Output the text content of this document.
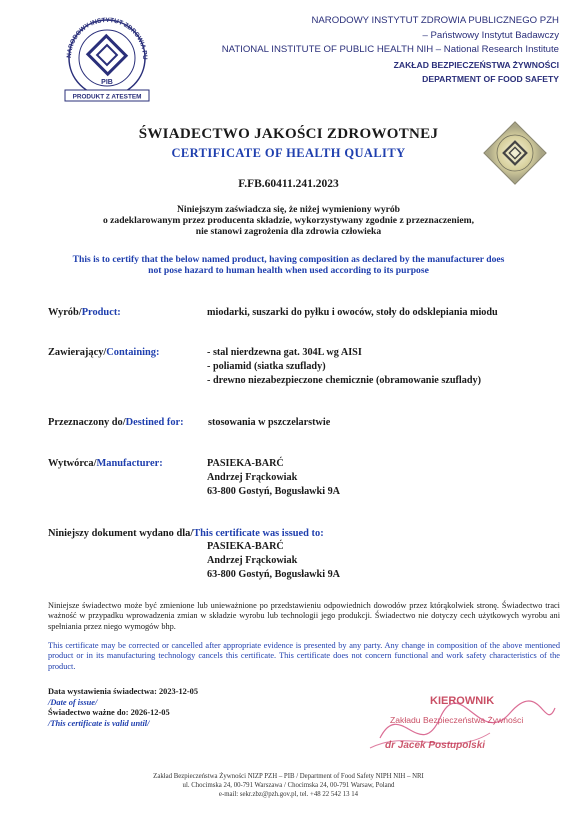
NARODOWY INSTYTUT ZDROWIA PU
PIB
PRODUKT Z ATESTEM
NARODOWY INSTYTUT ZDROWIA PUBLICZNEGO PZH
– Państwowy Instytut Badawczy
NATIONAL INSTITUTE OF PUBLIC HEALTH NIH – National Research Institute
ZAKŁAD BEZPIECZEŃSTWA ŻYWNOŚCI
DEPARTMENT OF FOOD SAFETY
ŚWIADECTWO JAKOŚCI ZDROWOTNEJ
CERTIFICATE OF HEALTH QUALITY
F.FB.60411.241.2023
Niniejszym zaświadcza się, że niżej wymieniony wyrób
o zadeklarowanym przez producenta składzie, wykorzystywany zgodnie z przeznaczeniem,
nie stanowi zagrożenia dla zdrowia człowieka
This is to certify that the below named product, having composition as declared by the manufacturer does
not pose hazard to human health when used according to its purpose
Wyrób/Product:	miodarki, suszarki do pyłku i owoców, stoły do odsklepiania miodu
Zawierający/Containing:	- stal nierdzewna gat. 304L wg AISI
- poliamid (siatka szuflady)
- drewno niezabezpieczone chemicznie (obramowanie szuflady)
Przeznaczony do/Destined for: stosowania w pszczelarstwie
Wytwórca/Manufacturer:	PASIEKA-BARĆ
Andrzej Frąckowiak
63-800 Gostyń, Bogusławki 9A
Niniejszy dokument wydano dla/This certificate was issued to:
PASIEKA-BARĆ
Andrzej Frąckowiak
63-800 Gostyń, Bogusławki 9A
Niniejsze świadectwo może być zmienione lub unieważnione po przedstawieniu odpowiednich dowodów przez którąkolwiek stronę. Świadectwo traci ważność w przypadku wprowadzenia zmian w składzie wyrobu lub technologii jego produkcji. Świadectwo nie dotyczy cech użytkowych wyrobu ani spełniania przez niego wymogów bhp.
This certificate may be corrected or cancelled after appropriate evidence is presented by any party. Any change in composition of the above mentioned product or in its manufacturing technology cancels this certificate. This certificate does not concern functional and work safety characteristics of the product.
Data wystawienia świadectwa: 2023-12-05
/Date of issue/
Świadectwo ważne do: 2026-12-05
/This certificate is valid until/
KIEROWNIK
Zakładu Bezpieczeństwa Żywności
dr Jacek Postupolski
Zakład Bezpieczeństwa Żywności NIZP PZH – PIB / Department of Food Safety NIPH NIH – NRI
ul. Chocimska 24, 00-791 Warszawa / Chocimska 24, 00-791 Warsaw, Poland
e-mail: sekr.zbz@pzh.gov.pl, tel. +48 22 542 13 14
